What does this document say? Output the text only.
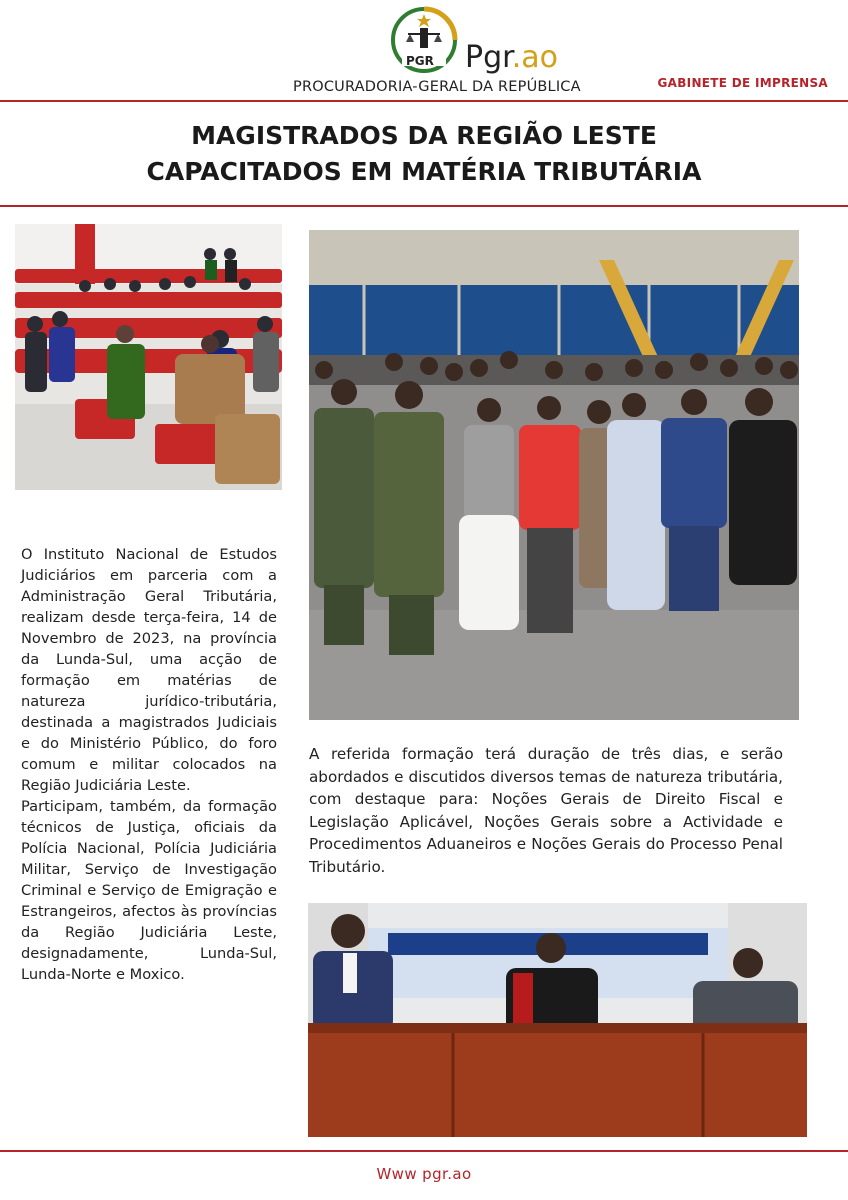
PGR Pgr.ao
PROCURADORIA-GERAL DA REPÚBLICA	GABINETE DE IMPRENSA
MAGISTRADOS DA REGIÃO LESTE
CAPACITADOS EM MATÉRIA TRIBUTÁRIA

O Instituto Nacional de Estudos Judiciários em parceria com a Administração Geral Tributária, realizam desde terça-feira, 14 de Novembro de 2023, na província da Lunda-Sul, uma acção de formação em matérias de natureza jurídico-tributária, destinada a magistrados Judiciais e do Ministério Público, do foro comum e militar colocados na Região Judiciária Leste.

Participam, também, da formação técnicos de Justiça, oficiais da Polícia Nacional, Polícia Judiciária Militar, Serviço de Investigação Criminal e Serviço de Emigração e Estrangeiros, afectos às províncias da Região Judiciária Leste, designadamente, Lunda-Sul, Lunda-Norte e Moxico.

A referida formação terá duração de três dias, e serão abordados e discutidos diversos temas de natureza tributária, com destaque para: Noções Gerais de Direito Fiscal e Legislação Aplicável, Noções Gerais sobre a Actividade e Procedimentos Aduaneiros e Noções Gerais do Processo Penal Tributário.
Www pgr.ao
